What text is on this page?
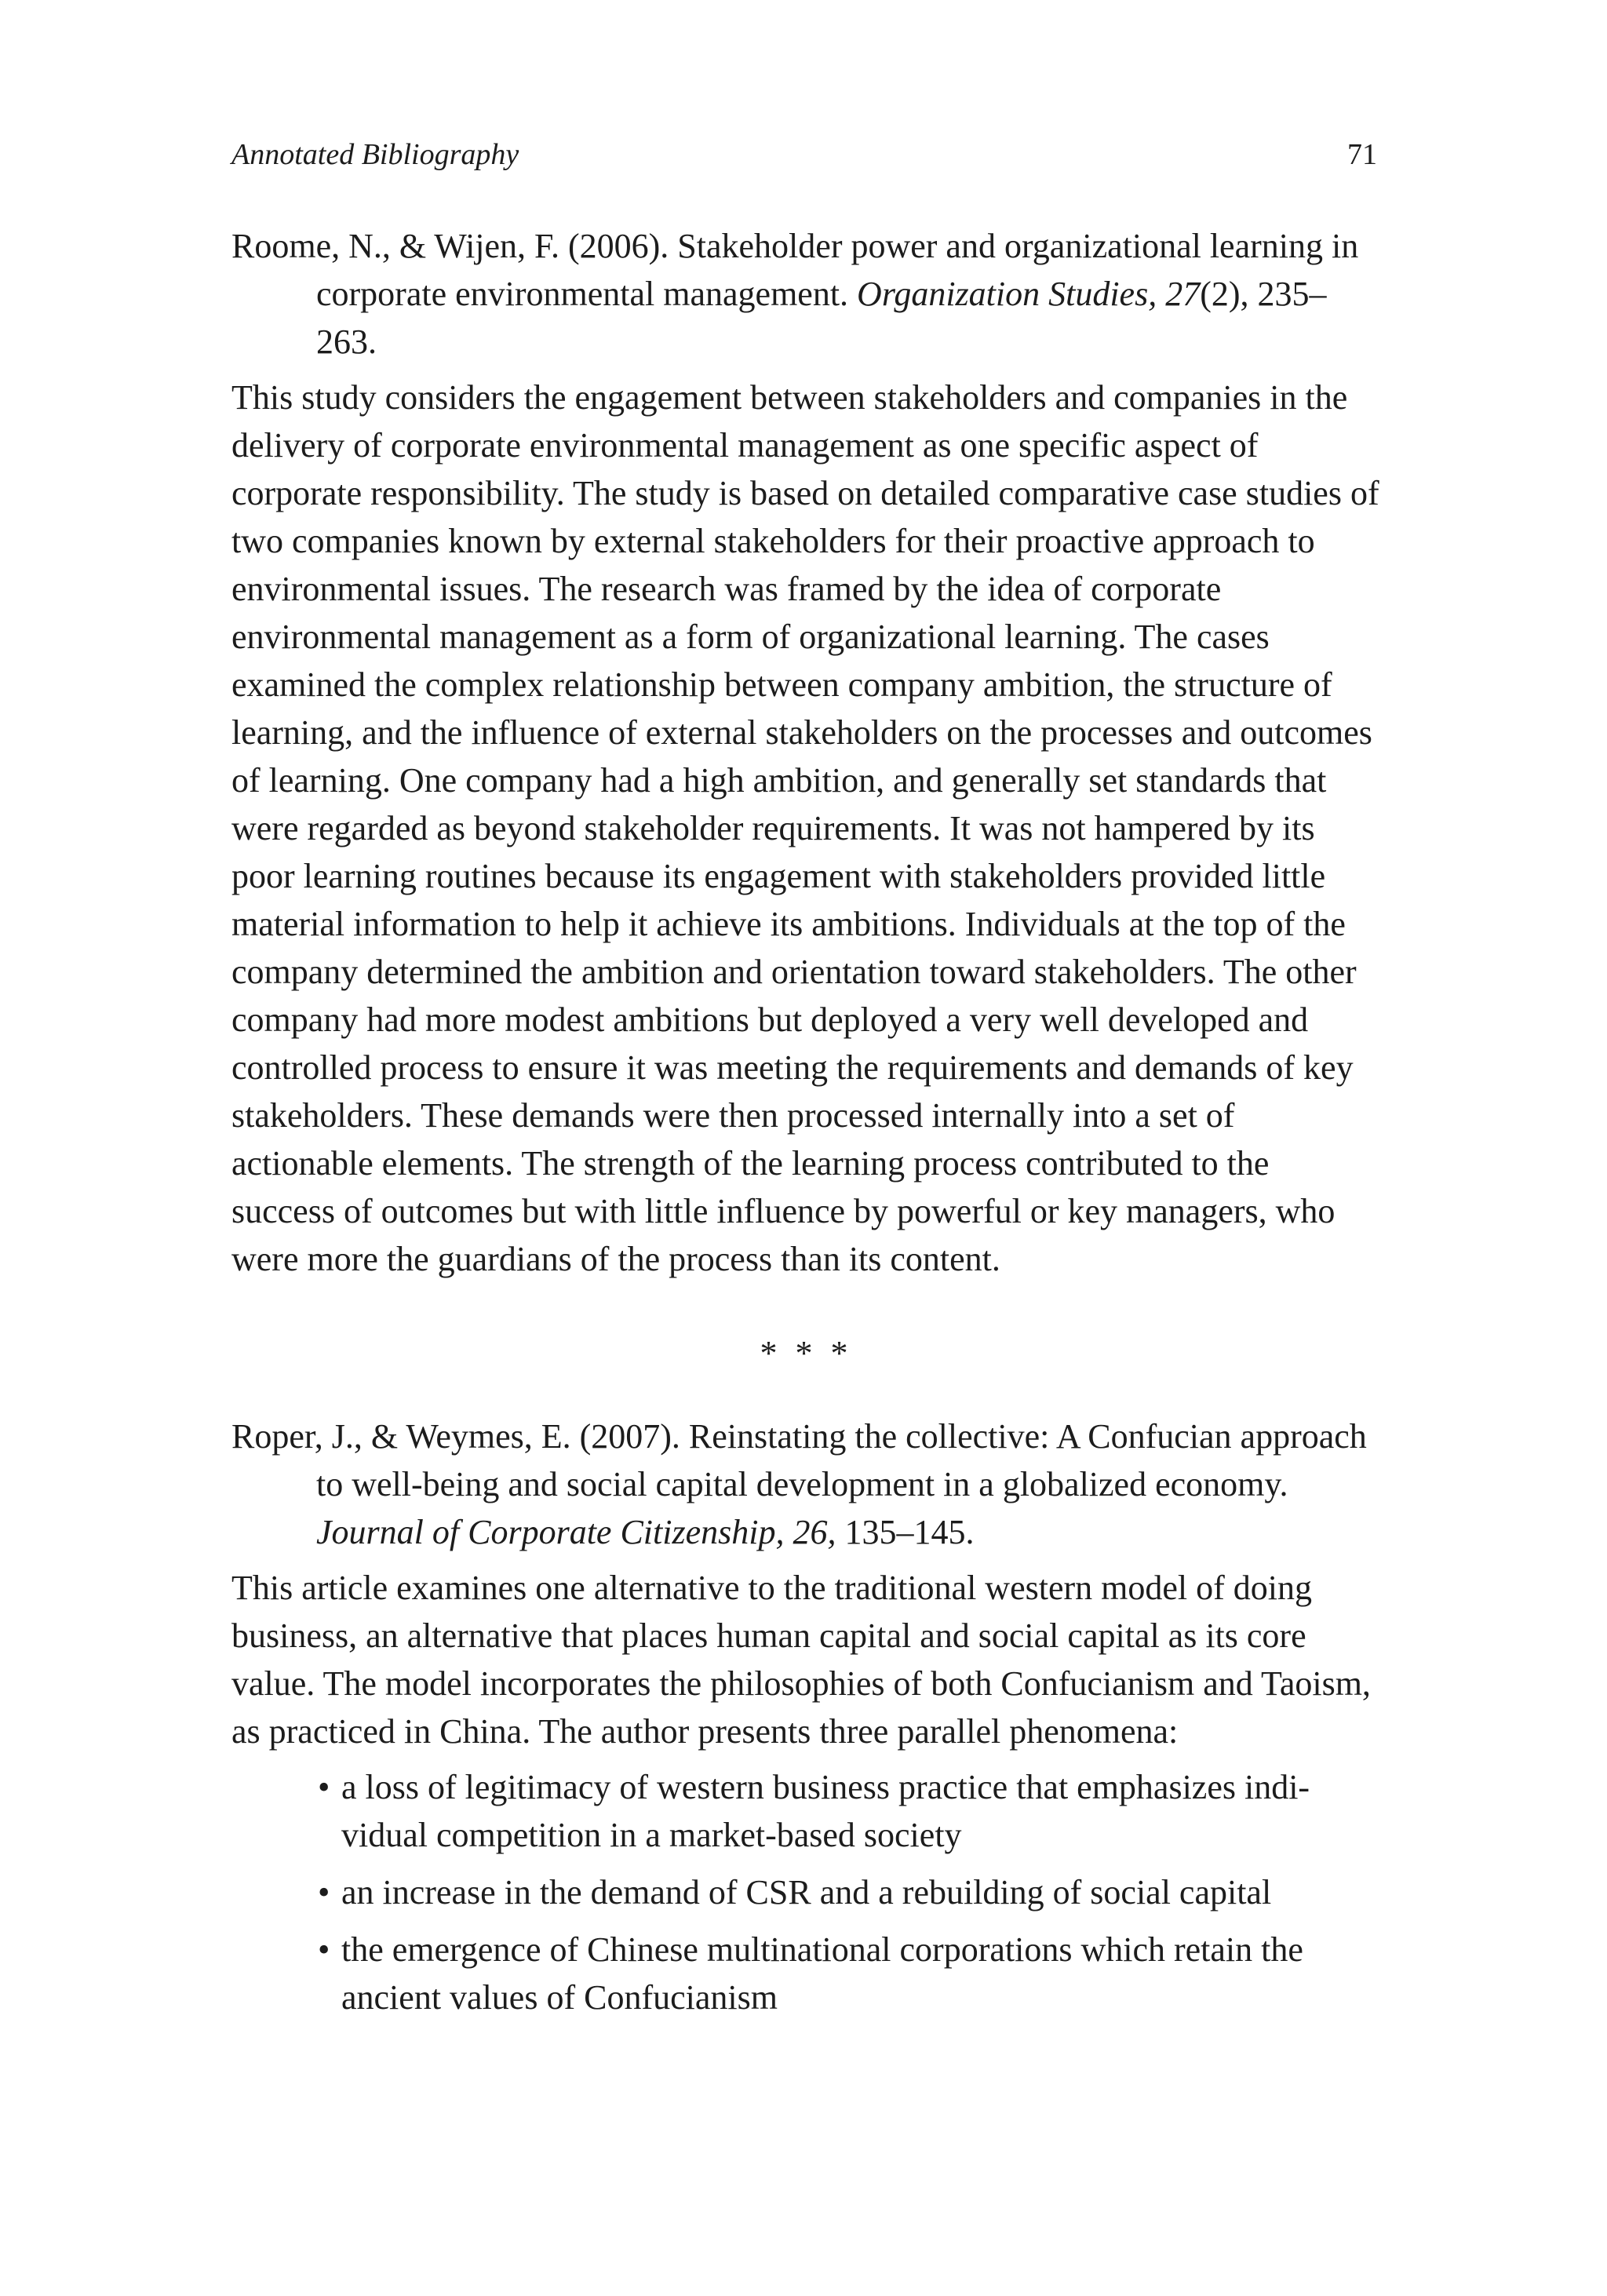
Annotated Bibliography	71

Roome, N., & Wijen, F. (2006). Stakeholder power and organizational learning in corporate environmental management. Organization Studies, 27(2), 235–263.

This study considers the engagement between stakeholders and companies in the delivery of corporate environmental management as one specific aspect of corporate responsibility. The study is based on detailed comparative case studies of two companies known by external stakeholders for their proactive approach to environmental issues. The research was framed by the idea of corporate environmental management as a form of organizational learning. The cases examined the complex relationship between company ambition, the structure of learning, and the influence of external stakeholders on the processes and outcomes of learning. One company had a high ambition, and generally set standards that were regarded as beyond stakeholder requirements. It was not hampered by its poor learning routines because its engagement with stakeholders provided little material information to help it achieve its ambitions. Individuals at the top of the company determined the ambition and orientation toward stakeholders. The other company had more modest ambitions but deployed a very well developed and controlled process to ensure it was meeting the requirements and demands of key stakeholders. These demands were then processed internally into a set of actionable elements. The strength of the learning process contributed to the success of outcomes but with little influence by powerful or key managers, who were more the guardians of the process than its content.

* * *

Roper, J., & Weymes, E. (2007). Reinstating the collective: A Confucian approach to well-being and social capital development in a globalized economy. Journal of Corporate Citizenship, 26, 135–145.

This article examines one alternative to the traditional western model of doing business, an alternative that places human capital and social capital as its core value. The model incorporates the philosophies of both Confucianism and Taoism, as practiced in China. The author presents three parallel phenomena:

• a loss of legitimacy of western business practice that emphasizes indi-vidual competition in a market-based society
• an increase in the demand of CSR and a rebuilding of social capital
• the emergence of Chinese multinational corporations which retain the ancient values of Confucianism
